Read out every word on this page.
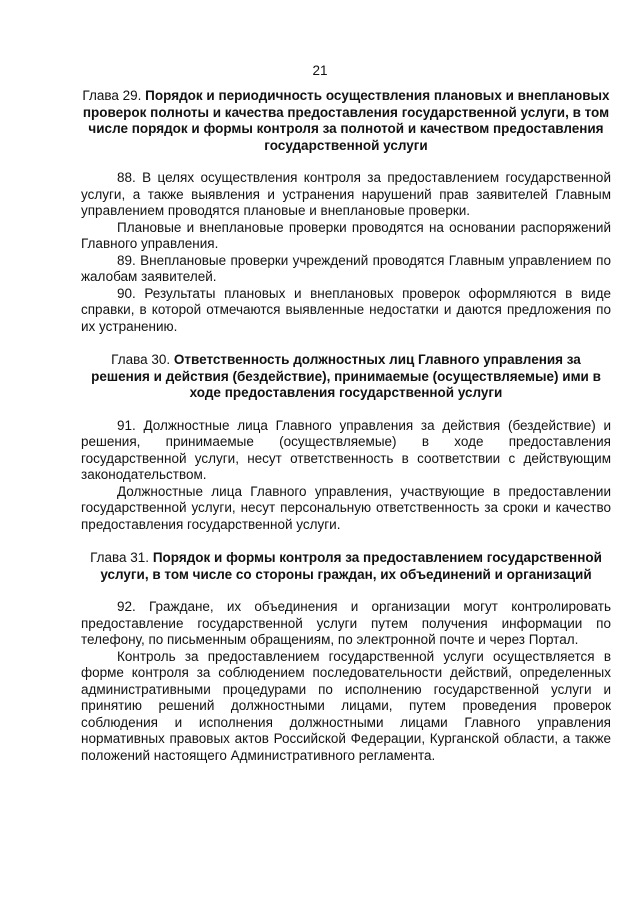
21

Глава 29. Порядок и периодичность осуществления плановых и внеплановых проверок полноты и качества предоставления государственной услуги, в том числе порядок и формы контроля за полнотой и качеством предоставления государственной услуги

88. В целях осуществления контроля за предоставлением государственной услуги, а также выявления и устранения нарушений прав заявителей Главным управлением проводятся плановые и внеплановые проверки.

Плановые и внеплановые проверки проводятся на основании распоряжений Главного управления.

89. Внеплановые проверки учреждений проводятся Главным управлением по жалобам заявителей.

90. Результаты плановых и внеплановых проверок оформляются в виде справки, в которой отмечаются выявленные недостатки и даются предложения по их устранению.

Глава 30. Ответственность должностных лиц Главного управления за решения и действия (бездействие), принимаемые (осуществляемые) ими в ходе предоставления государственной услуги

91. Должностные лица Главного управления за действия (бездействие) и решения, принимаемые (осуществляемые) в ходе предоставления государственной услуги, несут ответственность в соответствии с действующим законодательством.

Должностные лица Главного управления, участвующие в предоставлении государственной услуги, несут персональную ответственность за сроки и качество предоставления государственной услуги.

Глава 31. Порядок и формы контроля за предоставлением государственной услуги, в том числе со стороны граждан, их объединений и организаций

92. Граждане, их объединения и организации могут контролировать предоставление государственной услуги путем получения информации по телефону, по письменным обращениям, по электронной почте и через Портал.

Контроль за предоставлением государственной услуги осуществляется в форме контроля за соблюдением последовательности действий, определенных административными процедурами по исполнению государственной услуги и принятию решений должностными лицами, путем проведения проверок соблюдения и исполнения должностными лицами Главного управления нормативных правовых актов Российской Федерации, Курганской области, а также положений настоящего Административного регламента.
